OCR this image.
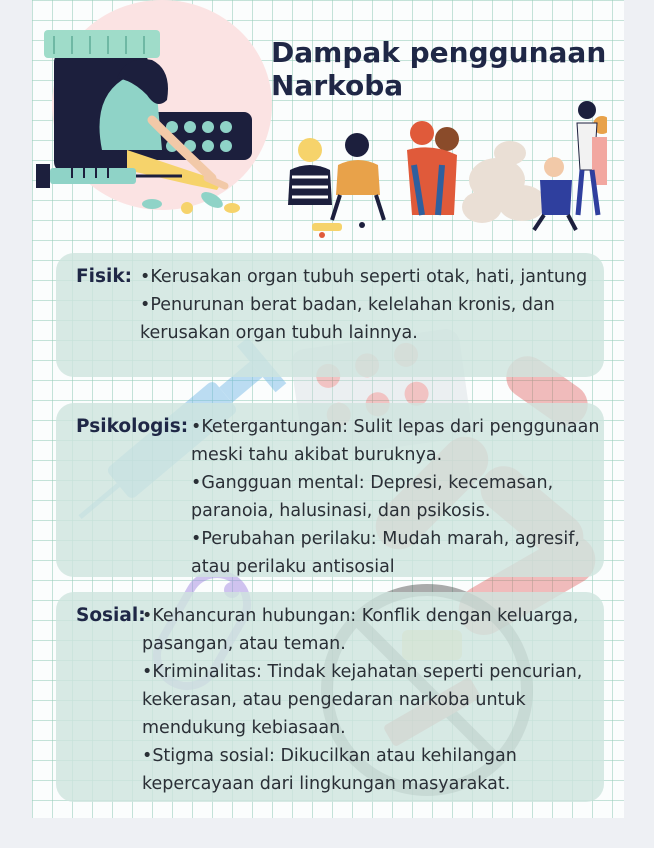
Dampak penggunaan
Narkoba
Fisik: •Kerusakan organ tubuh seperti otak, hati, jantung
•Penurunan berat badan, kelelahan kronis, dan kerusakan organ tubuh lainnya.
Psikologis: •Ketergantungan: Sulit lepas dari penggunaan meski tahu akibat buruknya.
•Gangguan mental: Depresi, kecemasan, paranoia, halusinasi, dan psikosis.
•Perubahan perilaku: Mudah marah, agresif, atau perilaku antisosial
Sosial:
•Kehancuran hubungan: Konflik dengan keluarga, pasangan, atau teman.
•Kriminalitas: Tindak kejahatan seperti pencurian, kekerasan, atau pengedaran narkoba untuk mendukung kebiasaan.
•Stigma sosial: Dikucilkan atau kehilangan kepercayaan dari lingkungan masyarakat.
